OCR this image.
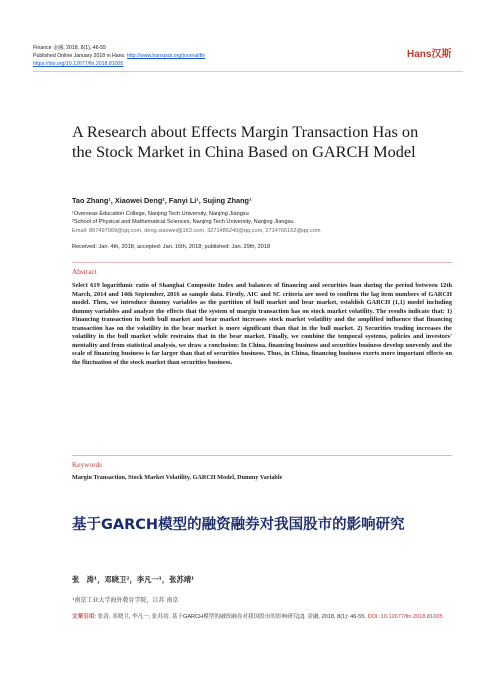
Finance 金融, 2018, 8(1), 46-55
Published Online January 2018 in Hans. http://www.hanspub.org/journal/fin
https://doi.org/10.12677/fin.2018.81005
Hans汉斯
A Research about Effects Margin Transaction Has on the Stock Market in China Based on GARCH Model
Tao Zhang¹, Xiaowei Deng², Fanyi Li¹, Sujing Zhang¹
¹Overseas Education College, Nanjing Tech University, Nanjing Jiangsu
²School of Physical and Mathematical Sciences, Nanjing Tech University, Nanjing Jiangsu
Email: 867497969@qq.com, deng.xiaowei@163.com, 3271486240@qq.com, 2714766162@qq.com
Received: Jan. 4th, 2018; accepted: Jan. 16th, 2018; published: Jan. 29th, 2018
Abstract
Select 619 logarithmic ratio of Shanghai Composite Index and balances of financing and securities loan during the period between 12th March, 2014 and 14th September, 2016 as sample data. Firstly, AIC and SC criteria are used to confirm the lag item numbers of GARCH model. Then, we introduce dummy variables as the partition of bull market and bear market, establish GARCH (1,1) model including dummy variables and analyze the effects that the system of margin transaction has on stock market volatility. The results indicate that: 1) Financing transaction in both bull market and bear market increases stock market volatility and the amplified influence that financing transaction has on the volatility in the bear market is more significant than that in the bull market. 2) Securities trading increases the volatility in the bull market while restrains that in the bear market. Finally, we combine the temporal systems, policies and investors' mentality and from statistical analysis, we draw a conclusion: In China, financing business and securities business develop unevenly and the scale of financing business is far larger than that of securities business. Thus, in China, financing business exerts more important effects on the fluctuation of the stock market than securities business.
Keywords
Margin Transaction, Stock Market Volatility, GARCH Model, Dummy Variable
基于GARCH模型的融资融券对我国股市的影响研究
张　涛¹，邓晓卫²，李凡一¹，张苏靖¹
¹南京工业大学海外教育学院，江苏 南京
文章引用: 张涛, 邓晓卫, 李凡一, 张苏靖. 基于GARCH模型的融资融券对我国股市的影响研究[J]. 金融, 2018, 8(1): 46-55. DOI: 10.12677/fin.2018.81005
